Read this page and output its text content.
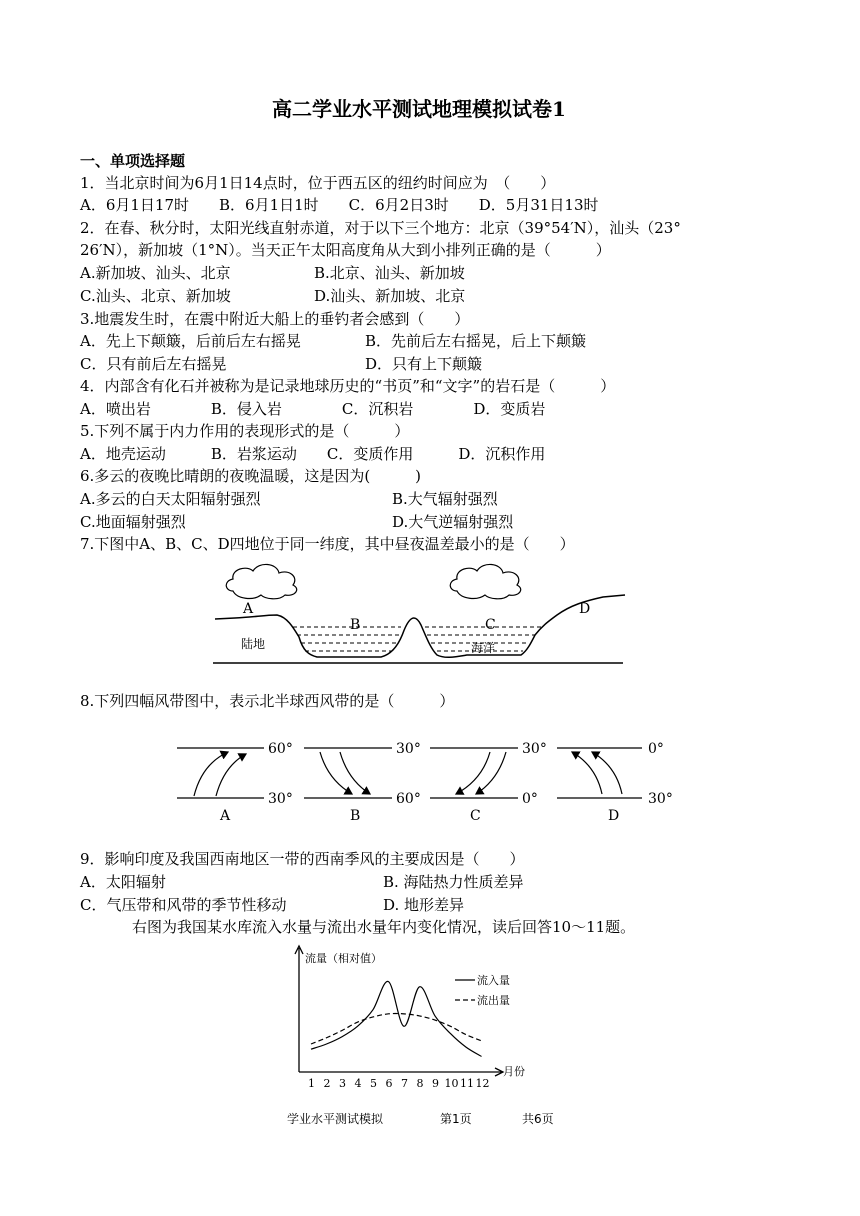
高二学业水平测试地理模拟试卷1
一、单项选择题
1．当北京时间为6月1日14点时，位于西五区的纽约时间应为　（　　）
A．6月1日17时　　B．6月1日1时　　C．6月2日3时　　D．5月31日13时
2．在春、秋分时，太阳光线直射赤道，对于以下三个地方：北京（39°54′N），汕头（23°
26′N），新加坡（1°N）。当天正午太阳高度角从大到小排列正确的是（　　　）
A.新加坡、汕头、北京	B.北京、汕头、新加坡
C.汕头、北京、新加坡	D.汕头、新加坡、北京
3.地震发生时，在震中附近大船上的垂钓者会感到（　　）
A．先上下颠簸，后前后左右摇晃	B．先前后左右摇晃，后上下颠簸
C．只有前后左右摇晃	D．只有上下颠簸
4．内部含有化石并被称为是记录地球历史的“书页”和“文字”的岩石是（　　　）
A．喷出岩　　　　B．侵入岩　　　　C．沉积岩　　　　D．变质岩
5.下列不属于内力作用的表现形式的是（　　　）
A．地壳运动　　　B．岩浆运动　　C．变质作用　　　D．沉积作用
6.多云的夜晚比晴朗的夜晚温暖，这是因为(　　　)
A.多云的白天太阳辐射强烈	B.大气辐射强烈
C.地面辐射强烈	D.大气逆辐射强烈
7.下图中A、B、C、D四地位于同一纬度，其中昼夜温差最小的是（　　）
A
B	C
D
陆地	海洋
8.下列四幅风带图中，表示北半球西风带的是（　　　）
60°
30°
A
30°
60°
B
30°
0°
C
0°
30°
D
9．影响印度及我国西南地区一带的西南季风的主要成因是（　　）
A．太阳辐射	B. 海陆热力性质差异
C．气压带和风带的季节性移动	D. 地形差异
右图为我国某水库流入水量与流出水量年内变化情况，读后回答10～11题。
流量（相对值）
月份
1 2 3 4 5 6 7 8 9 10 11 12
流入量
流出量
学业水平测试模拟	第1页	共6页
